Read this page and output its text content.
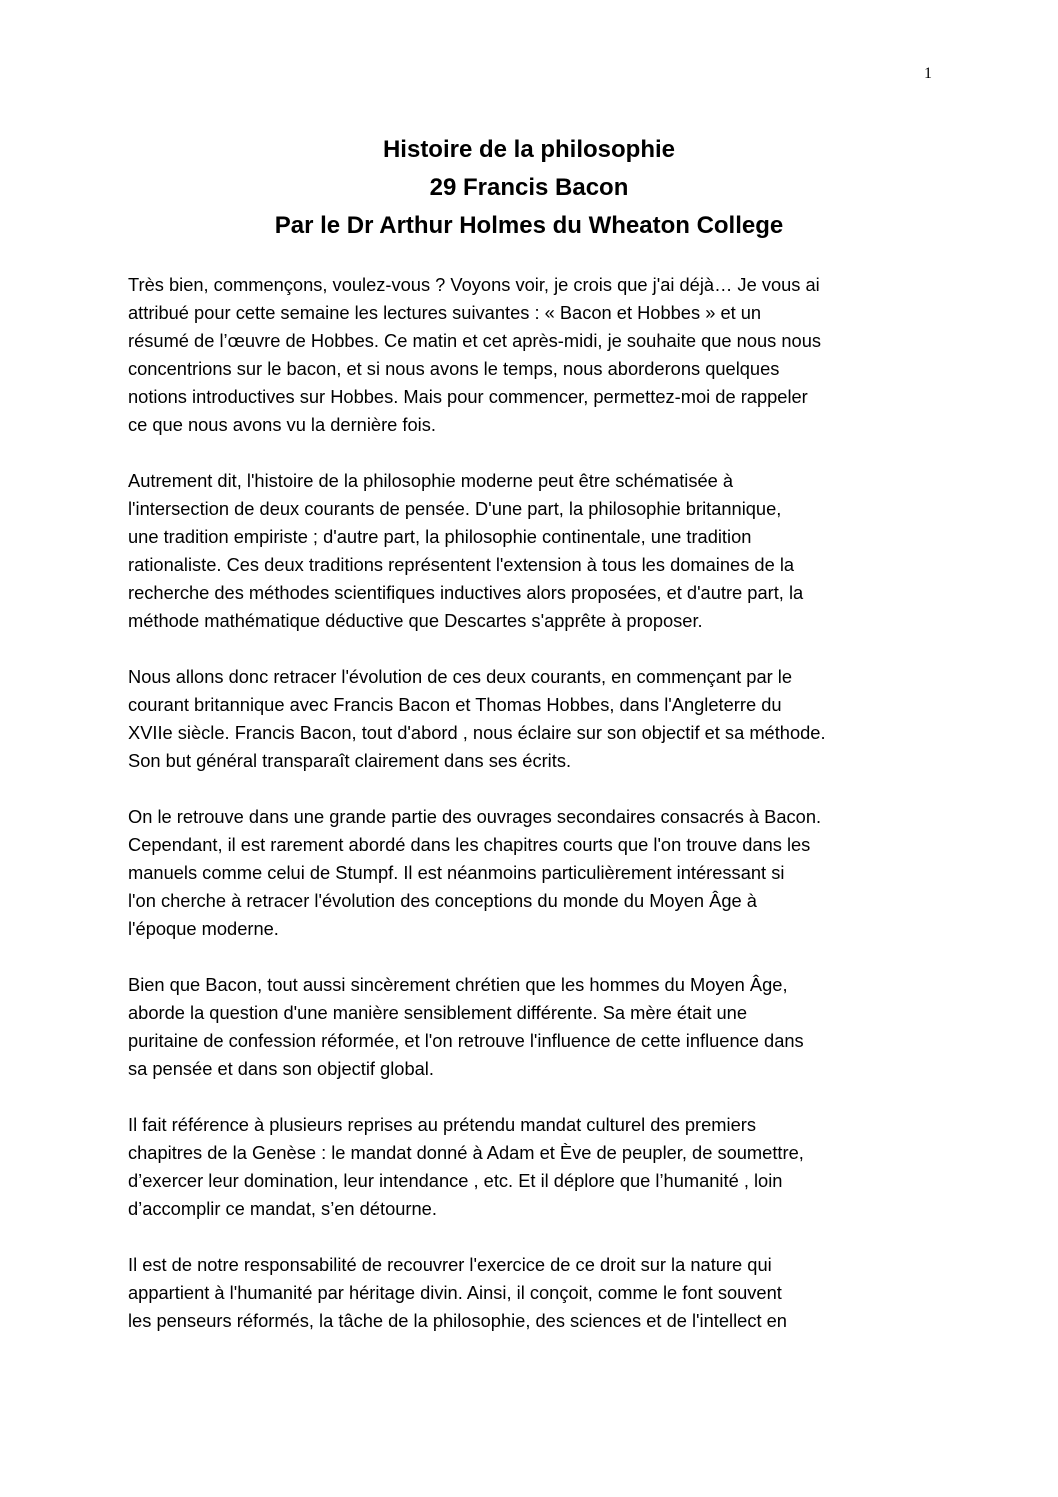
1
Histoire de la philosophie
29 Francis Bacon
Par le Dr Arthur Holmes du Wheaton College

Très bien, commençons, voulez-vous ? Voyons voir, je crois que j'ai déjà… Je vous ai
attribué pour cette semaine les lectures suivantes : « Bacon et Hobbes » et un
résumé de l’œuvre de Hobbes. Ce matin et cet après-midi, je souhaite que nous nous
concentrions sur le bacon, et si nous avons le temps, nous aborderons quelques
notions introductives sur Hobbes. Mais pour commencer, permettez-moi de rappeler
ce que nous avons vu la dernière fois.

Autrement dit, l'histoire de la philosophie moderne peut être schématisée à
l'intersection de deux courants de pensée. D'une part, la philosophie britannique,
une tradition empiriste ; d'autre part, la philosophie continentale, une tradition
rationaliste. Ces deux traditions représentent l'extension à tous les domaines de la
recherche des méthodes scientifiques inductives alors proposées, et d'autre part, la
méthode mathématique déductive que Descartes s'apprête à proposer.

Nous allons donc retracer l'évolution de ces deux courants, en commençant par le
courant britannique avec Francis Bacon et Thomas Hobbes, dans l'Angleterre du
XVIIe siècle. Francis Bacon, tout d'abord , nous éclaire sur son objectif et sa méthode.
Son but général transparaît clairement dans ses écrits.

On le retrouve dans une grande partie des ouvrages secondaires consacrés à Bacon.
Cependant, il est rarement abordé dans les chapitres courts que l'on trouve dans les
manuels comme celui de Stumpf. Il est néanmoins particulièrement intéressant si
l'on cherche à retracer l'évolution des conceptions du monde du Moyen Âge à
l'époque moderne.

Bien que Bacon, tout aussi sincèrement chrétien que les hommes du Moyen Âge,
aborde la question d'une manière sensiblement différente. Sa mère était une
puritaine de confession réformée, et l'on retrouve l'influence de cette influence dans
sa pensée et dans son objectif global.

Il fait référence à plusieurs reprises au prétendu mandat culturel des premiers
chapitres de la Genèse : le mandat donné à Adam et Ève de peupler, de soumettre,
d’exercer leur domination, leur intendance , etc. Et il déplore que l’humanité , loin
d’accomplir ce mandat, s’en détourne.

Il est de notre responsabilité de recouvrer l'exercice de ce droit sur la nature qui
appartient à l'humanité par héritage divin. Ainsi, il conçoit, comme le font souvent
les penseurs réformés, la tâche de la philosophie, des sciences et de l'intellect en
